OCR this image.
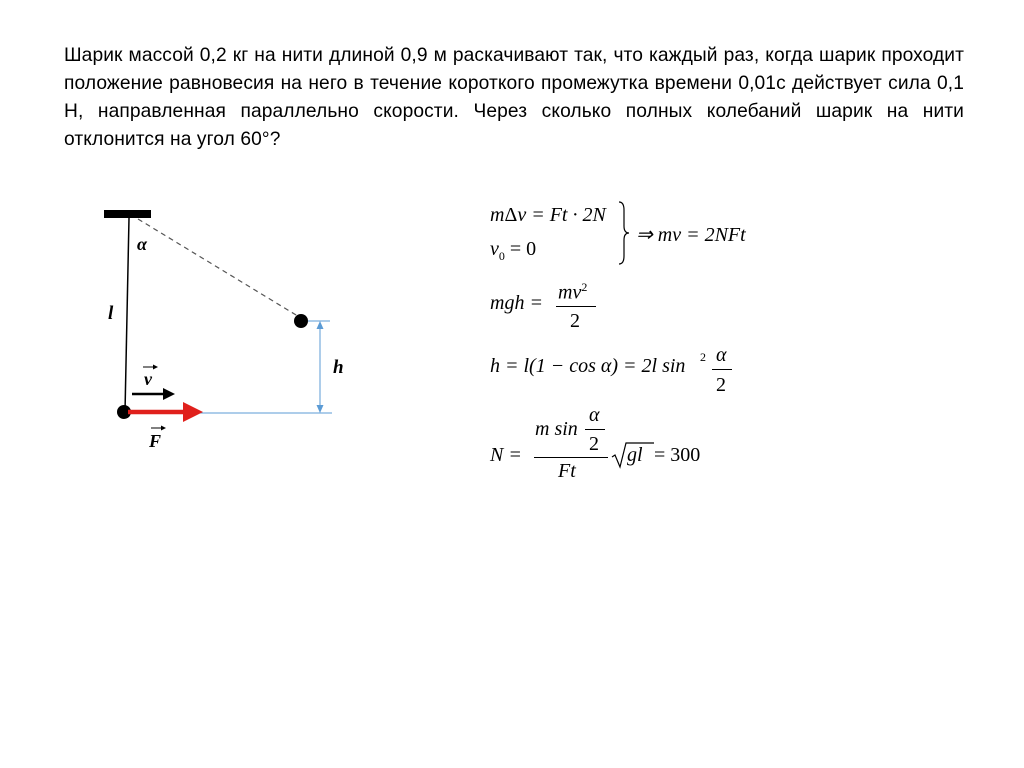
Шарик массой 0,2 кг на нити длиной 0,9 м раскачивают так, что каждый раз, когда шарик проходит положение равновесия на него в течение короткого промежутка времени 0,01с действует сила 0,1 Н, направленная параллельно скорости. Через сколько полных колебаний шарик на нити отклонится на угол 60°?
α
l
h
v
F
mΔv = Ft · 2N
$v_0 = 0$
⇒ mv = 2NFt
mgh = $mv^2$
2
h = l(1 − cos α) = 2l sin 2 α
2
N =
m sin
α
2
Ft
gl = 300
